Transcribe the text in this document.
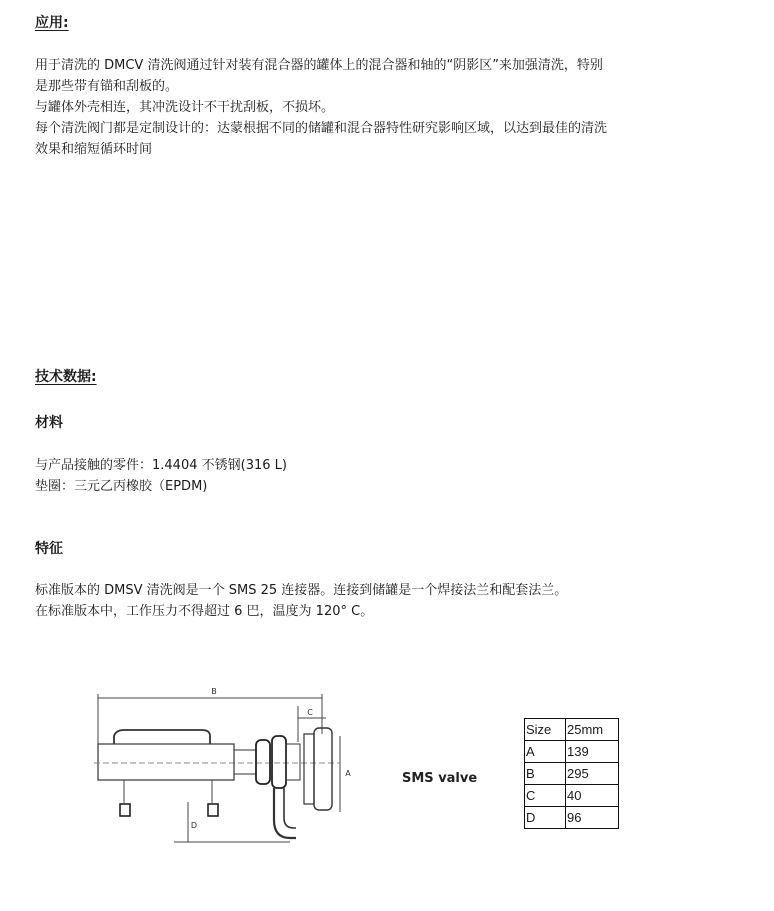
应用:
用于清洗的 DMCV 清洗阀通过针对装有混合器的罐体上的混合器和轴的“阴影区”来加强清洗，特别
是那些带有锚和刮板的。
与罐体外壳相连，其冲洗设计不干扰刮板，不损坏。
每个清洗阀门都是定制设计的：达蒙根据不同的储罐和混合器特性研究影响区域，以达到最佳的清洗
效果和缩短循环时间
技术数据:
材料
与产品接触的零件：1.4404 不锈钢(316 L)
垫圈：三元乙丙橡胶（EPDM)
特征
标准版本的 DMSV 清洗阀是一个 SMS 25 连接器。连接到储罐是一个焊接法兰和配套法兰。
在标准版本中，工作压力不得超过 6 巴，温度为 120° C。
B
C
A
D
SMS valve
Size	25mm
A	139
B	295
C	40
D	96
